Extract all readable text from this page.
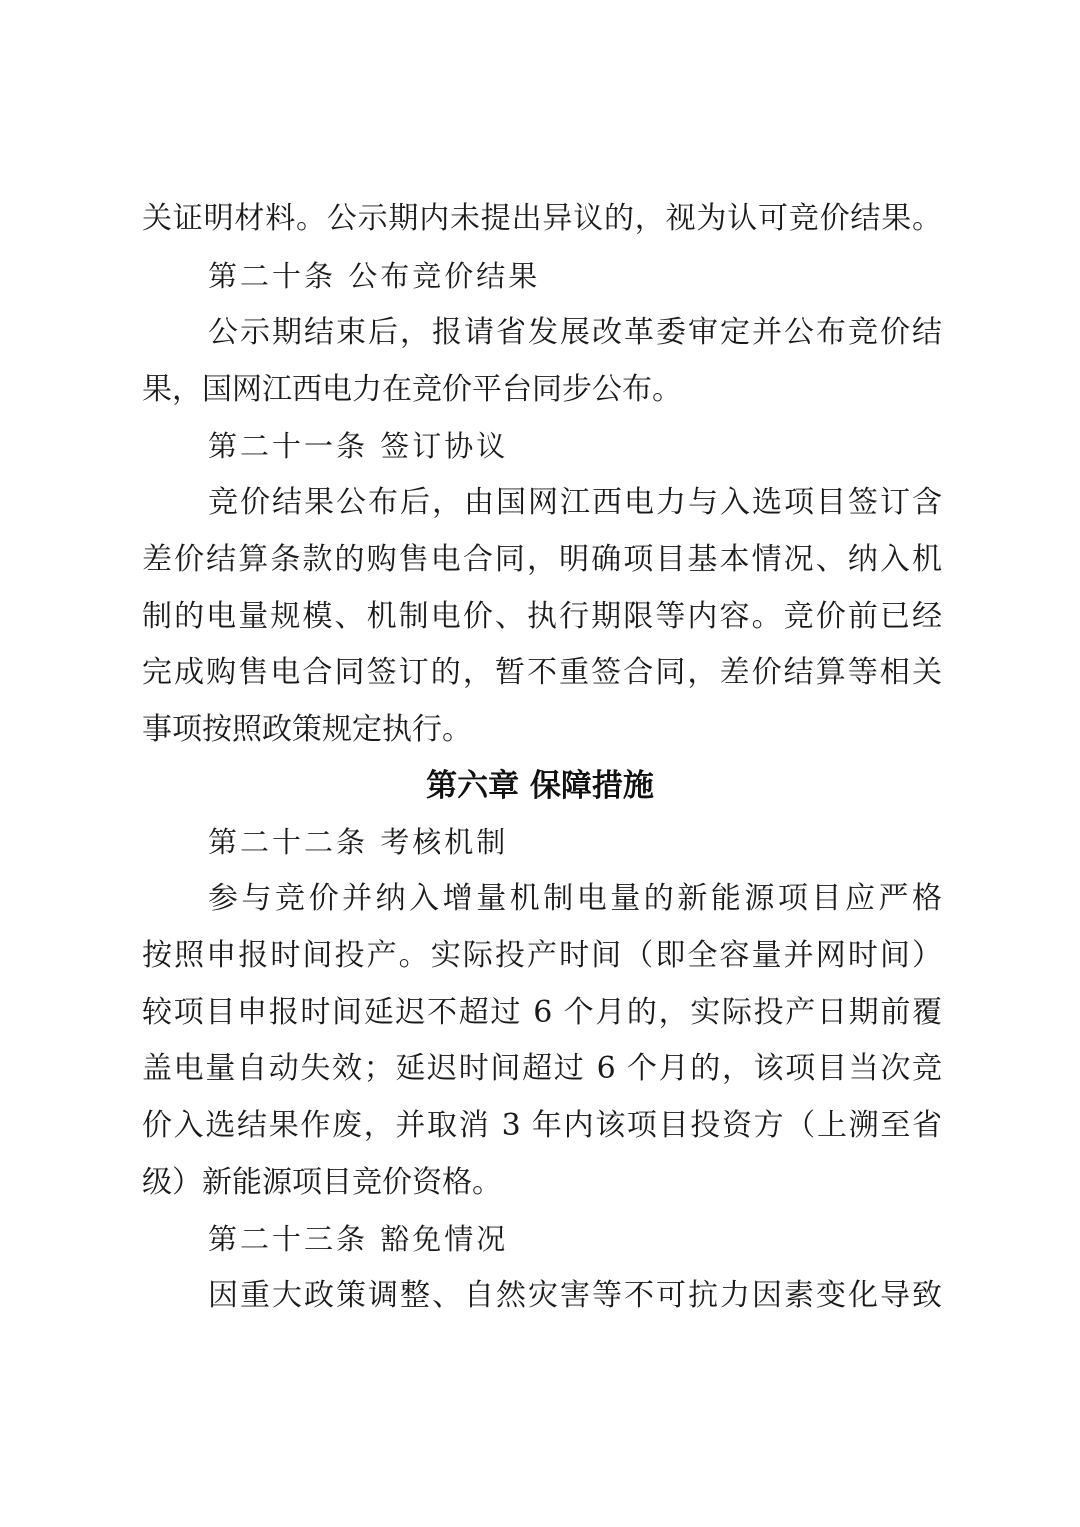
关证明材料。公示期内未提出异议的，视为认可竞价结果。
第二十条 公布竞价结果
公示期结束后，报请省发展改革委审定并公布竞价结
果，国网江西电力在竞价平台同步公布。
第二十一条 签订协议
竞价结果公布后，由国网江西电力与入选项目签订含
差价结算条款的购售电合同，明确项目基本情况、纳入机
制的电量规模、机制电价、执行期限等内容。竞价前已经
完成购售电合同签订的，暂不重签合同，差价结算等相关
事项按照政策规定执行。
第六章 保障措施
第二十二条 考核机制
参与竞价并纳入增量机制电量的新能源项目应严格
按照申报时间投产。实际投产时间（即全容量并网时间）
较项目申报时间延迟不超过 6 个月的，实际投产日期前覆
盖电量自动失效；延迟时间超过 6 个月的，该项目当次竞
价入选结果作废，并取消 3 年内该项目投资方（上溯至省
级）新能源项目竞价资格。
第二十三条 豁免情况
因重大政策调整、自然灾害等不可抗力因素变化导致
